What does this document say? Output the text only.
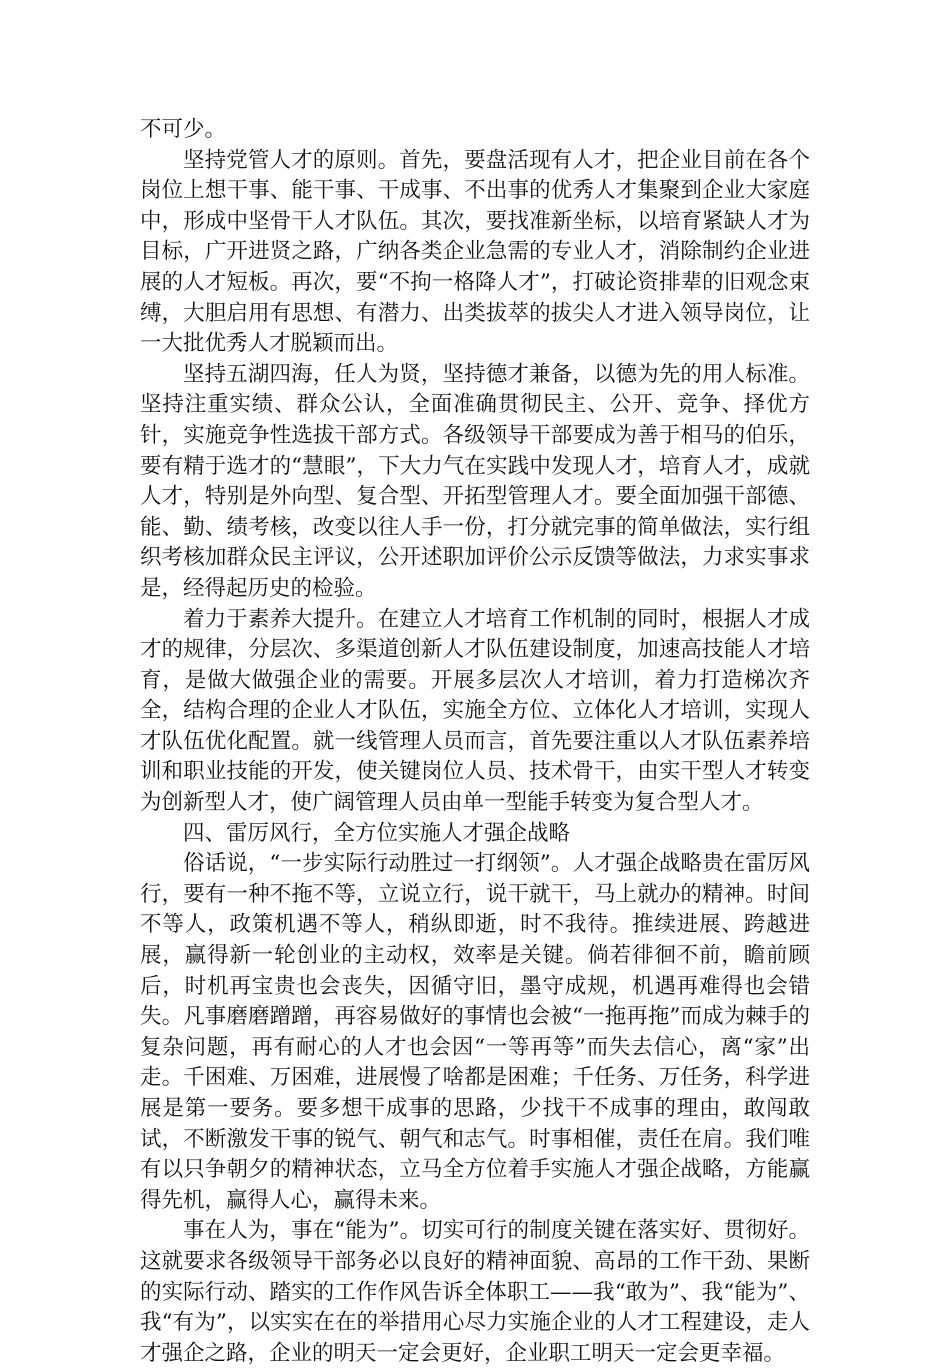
不可少。

坚持党管人才的原则。首先，要盘活现有人才，把企业目前在各个岗位上想干事、能干事、干成事、不出事的优秀人才集聚到企业大家庭中，形成中坚骨干人才队伍。其次，要找准新坐标，以培育紧缺人才为目标，广开进贤之路，广纳各类企业急需的专业人才，消除制约企业进展的人才短板。再次，要“不拘一格降人才”，打破论资排辈的旧观念束缚，大胆启用有思想、有潜力、出类拔萃的拔尖人才进入领导岗位，让一大批优秀人才脱颖而出。

坚持五湖四海，任人为贤，坚持德才兼备，以德为先的用人标准。坚持注重实绩、群众公认，全面准确贯彻民主、公开、竞争、择优方针，实施竞争性选拔干部方式。各级领导干部要成为善于相马的伯乐，要有精于选才的“慧眼”，下大力气在实践中发现人才，培育人才，成就人才，特别是外向型、复合型、开拓型管理人才。要全面加强干部德、能、勤、绩考核，改变以往人手一份，打分就完事的简单做法，实行组织考核加群众民主评议，公开述职加评价公示反馈等做法，力求实事求是，经得起历史的检验。

着力于素养大提升。在建立人才培育工作机制的同时，根据人才成才的规律，分层次、多渠道创新人才队伍建设制度，加速高技能人才培育，是做大做强企业的需要。开展多层次人才培训，着力打造梯次齐全，结构合理的企业人才队伍，实施全方位、立体化人才培训，实现人才队伍优化配置。就一线管理人员而言，首先要注重以人才队伍素养培训和职业技能的开发，使关键岗位人员、技术骨干，由实干型人才转变为创新型人才，使广阔管理人员由单一型能手转变为复合型人才。

四、雷厉风行，全方位实施人才强企战略

俗话说，“一步实际行动胜过一打纲领”。人才强企战略贵在雷厉风行，要有一种不拖不等，立说立行，说干就干，马上就办的精神。时间不等人，政策机遇不等人，稍纵即逝，时不我待。推续进展、跨越进展，赢得新一轮创业的主动权，效率是关键。倘若徘徊不前，瞻前顾后，时机再宝贵也会丧失，因循守旧，墨守成规，机遇再难得也会错失。凡事磨磨蹭蹭，再容易做好的事情也会被“一拖再拖”而成为棘手的复杂问题，再有耐心的人才也会因“一等再等”而失去信心，离“家”出走。千困难、万困难，进展慢了啥都是困难；千任务、万任务，科学进展是第一要务。要多想干成事的思路，少找干不成事的理由，敢闯敢试，不断激发干事的锐气、朝气和志气。时事相催，责任在肩。我们唯有以只争朝夕的精神状态，立马全方位着手实施人才强企战略，方能赢得先机，赢得人心，赢得未来。

事在人为，事在“能为”。切实可行的制度关键在落实好、贯彻好。这就要求各级领导干部务必以良好的精神面貌、高昂的工作干劲、果断的实际行动、踏实的工作作风告诉全体职工——我“敢为”、我“能为”、我“有为”，以实实在在的举措用心尽力实施企业的人才工程建设，走人才强企之路，企业的明天一定会更好，企业职工明天一定会更幸福。
